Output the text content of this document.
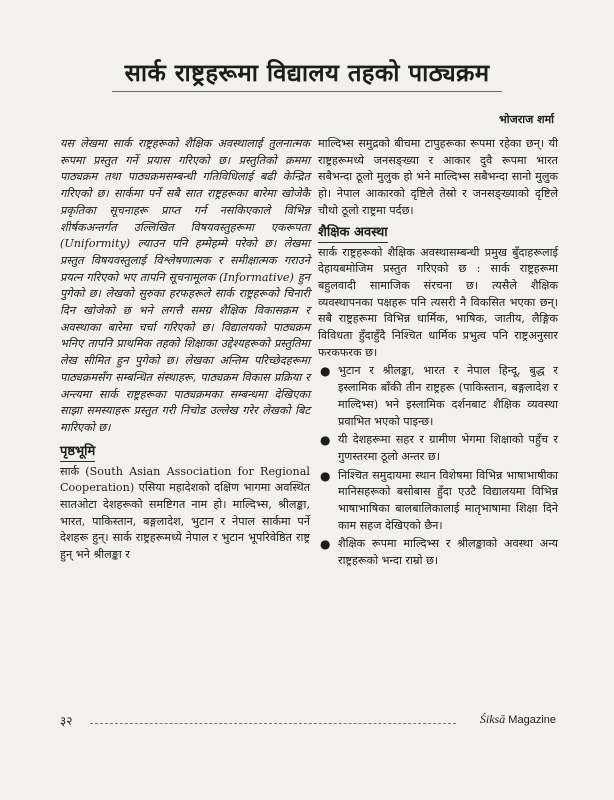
सार्क राष्ट्रहरूमा विद्यालय तहको पाठ्यक्रम
भोजराज शर्मा

यस लेखमा सार्क राष्ट्रहरूको शैक्षिक अवस्थालाई तुलनात्मक रूपमा प्रस्तुत गर्ने प्रयास गरिएको छ। प्रस्तुतिको क्रममा पाठ्यक्रम तथा पाठ्यक्रमसम्बन्धी गतिविधिलाई बढी केन्द्रित गरिएको छ। सार्कमा पर्ने सबै सात राष्ट्रहरूका बारेमा खोजेकै प्रकृतिका सूचनाहरू प्राप्त गर्न नसकिएकाले विभिन्न शीर्षकअन्तर्गत उल्लिखित विषयवस्तुहरूमा एकरूपता (Uniformity) ल्याउन पनि हम्मेहम्मे परेको छ। लेखमा प्रस्तुत विषयवस्तुलाई विश्लेषणात्मक र समीक्षात्मक गराउने प्रयत्न गरिएको भए तापनि सूचनामूलक (Informative) हुन पुगेको छ। लेखको सुरुका हरफहरूले सार्क राष्ट्रहरूको चिनारी दिन खोजेको छ भने लगत्तै समग्र शैक्षिक विकासक्रम र अवस्थाका बारेमा चर्चा गरिएको छ। विद्यालयको पाठ्यक्रम भनिए तापनि प्राथमिक तहको शिक्षाका उद्देश्यहरूको प्रस्तुतिमा लेख सीमित हुन पुगेको छ। लेखका अन्तिम परिच्छेदहरूमा पाठ्यक्रमसँग सम्बन्धित संस्थाहरू, पाठ्यक्रम विकास प्रक्रिया र अन्त्यमा सार्क राष्ट्रहरूका पाठ्यक्रमका सम्बन्धमा देखिएका साझा समस्याहरू प्रस्तुत गरी निचोड उल्लेख गरेर लेखको बिट मारिएको छ।

पृष्ठभूमि

सार्क (South Asian Association for Regional Cooperation) एसिया महादेशको दक्षिण भागमा अवस्थित सातओटा देशहरूको समष्टिगत नाम हो। माल्दिभ्स, श्रीलङ्का, भारत, पाकिस्तान, बङ्गलादेश, भुटान र नेपाल सार्कमा पर्ने देशहरू हुन्। सार्क राष्ट्रहरूमध्ये नेपाल र भुटान भूपरिवेष्ठित राष्ट्र हुन् भने श्रीलङ्का र

माल्दिभ्स समुद्रको बीचमा टापुहरूका रूपमा रहेका छन्। यी राष्ट्रहरूमध्ये जनसङ्ख्या र आकार दुवै रूपमा भारत सबैभन्दा ठूलो मुलुक हो भने माल्दिभ्स सबैभन्दा सानो मुलुक हो। नेपाल आकारको दृष्टिले तेस्रो र जनसङ्ख्याको दृष्टिले चौथो ठूलो राष्ट्रमा पर्दछ।

शैक्षिक अवस्था

सार्क राष्ट्रहरूको शैक्षिक अवस्थासम्बन्धी प्रमुख बुँदाहरूलाई देहायबमोजिम प्रस्तुत गरिएको छ : सार्क राष्ट्रहरूमा बहुलवादी सामाजिक संरचना छ। त्यसैले शैक्षिक व्यवस्थापनका पक्षहरू पनि त्यसरी नै विकसित भएका छन्। सबै राष्ट्रहरूमा विभिन्न धार्मिक, भाषिक, जातीय, लैङ्गिक विविधता हुँदाहुँदै निश्चित धार्मिक प्रभुत्व पनि राष्ट्रअनुसार फरकफरक छ।

● भुटान र श्रीलङ्का, भारत र नेपाल हिन्दू, बुद्ध र इस्लामिक बाँकी तीन राष्ट्रहरू (पाकिस्तान, बङ्गलादेश र माल्दिभ्स) भने इस्लामिक दर्शनबाट शैक्षिक व्यवस्था प्रवाभित भएको पाइन्छ।
● यी देशहरूमा सहर र ग्रामीण भेगमा शिक्षाको पहुँच र गुणस्तरमा ठूलो अन्तर छ।
● निश्चित समुदायमा स्थान विशेषमा विभिन्न भाषाभाषीका मानिसहरूको बसोबास हुँदा एउटै विद्यालयमा विभिन्न भाषाभाषिका बालबालिकालाई मातृभाषामा शिक्षा दिने काम सहज देखिएको छैन।
● शैक्षिक रूपमा माल्दिभ्स र श्रीलङ्काको अवस्था अन्य राष्ट्रहरूको भन्दा राम्रो छ।
३२	Śiksā Magazine
